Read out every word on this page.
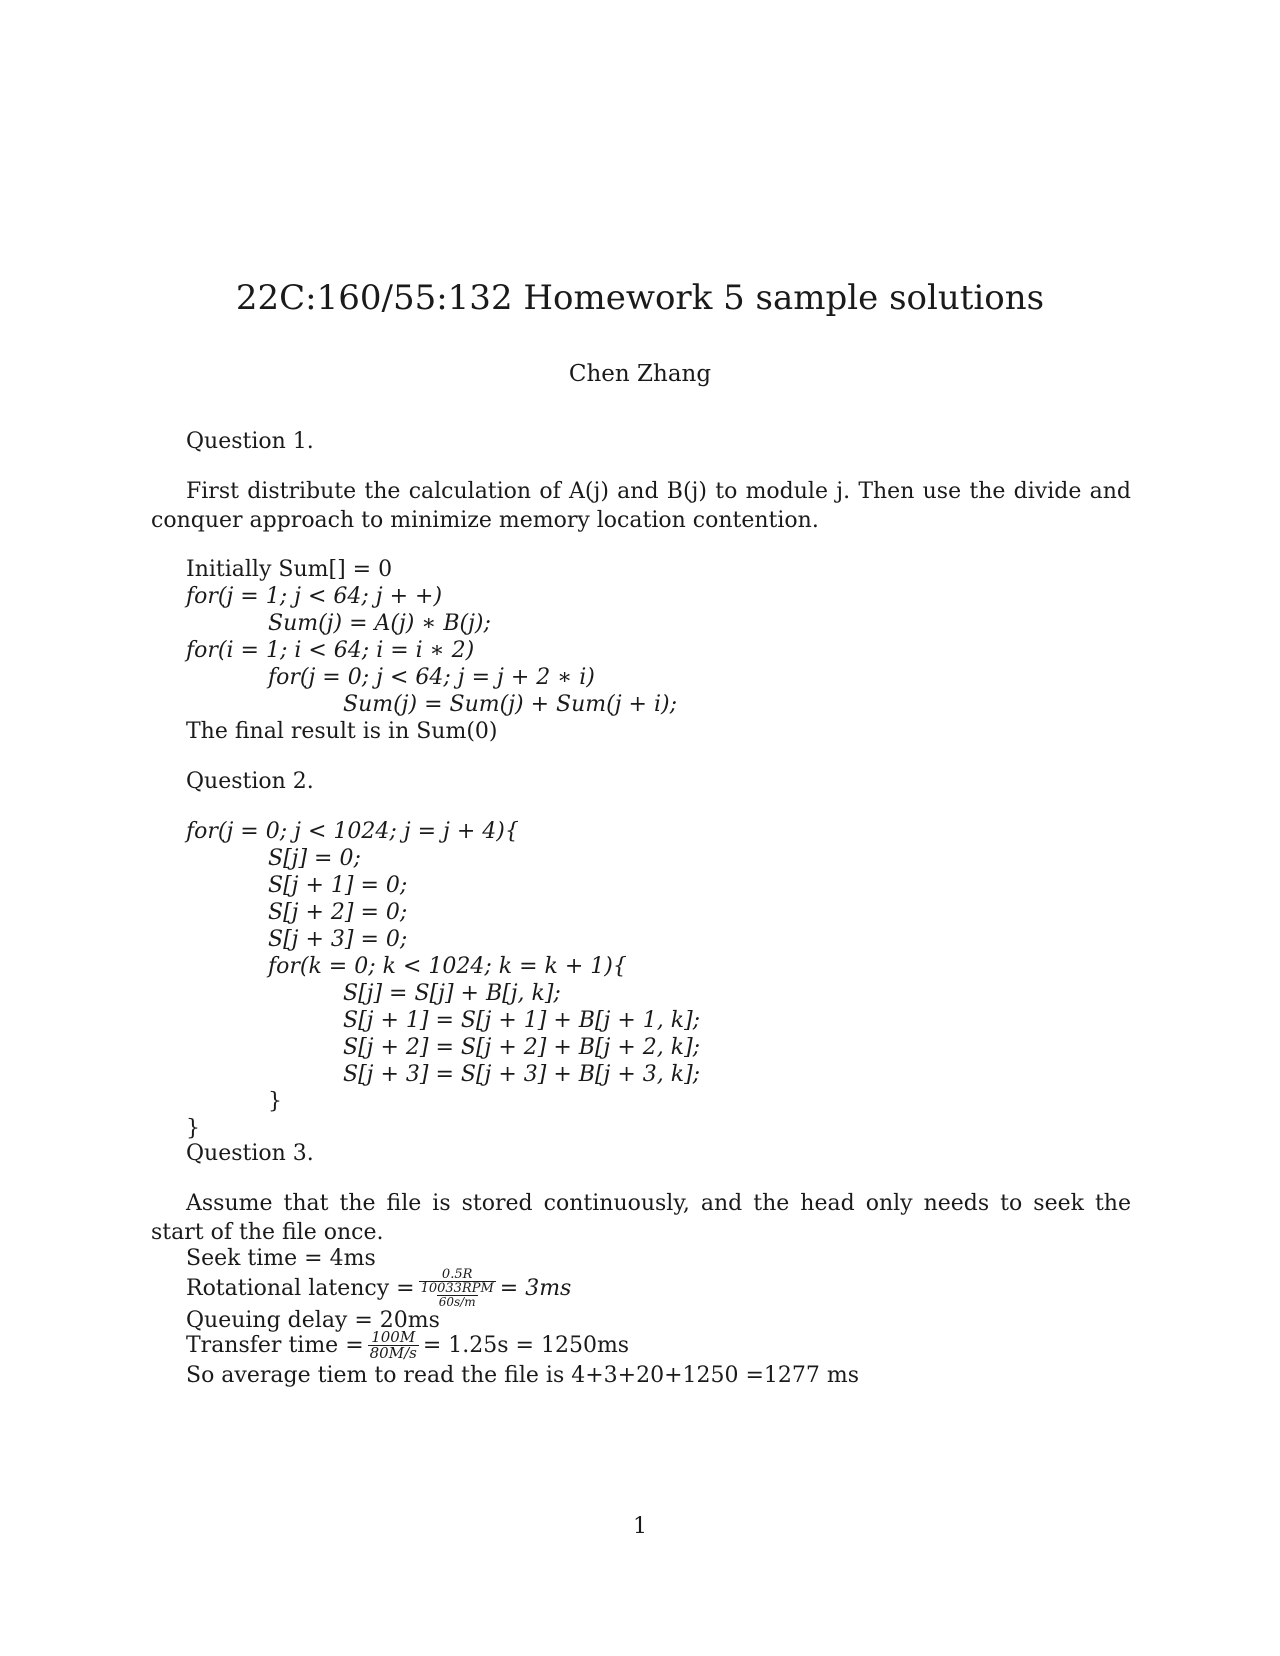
22C:160/55:132 Homework 5 sample solutions
Chen Zhang
Question 1.
First distribute the calculation of A(j) and B(j) to module j. Then use the divide and conquer approach to minimize memory location contention.
Initially Sum[] = 0
for(j = 1; j < 64; j + +)
Sum(j) = A(j) ∗ B(j);
for(i = 1; i < 64; i = i ∗ 2)
for(j = 0; j < 64; j = j + 2 ∗ i)
Sum(j) = Sum(j) + Sum(j + i);
The final result is in Sum(0)
Question 2.
for(j = 0; j < 1024; j = j + 4){
S[j] = 0;
S[j + 1] = 0;
S[j + 2] = 0;
S[j + 3] = 0;
for(k = 0; k < 1024; k = k + 1){
S[j] = S[j] + B[j, k];
S[j + 1] = S[j + 1] + B[j + 1, k];
S[j + 2] = S[j + 2] + B[j + 2, k];
S[j + 3] = S[j + 3] + B[j + 3, k];
}
}
Question 3.
Assume that the file is stored continuously, and the head only needs to seek the start of the file once.
Seek time = 4ms
Rotational latency =
0.5R
10033RPM
60s/m
= 3ms
Queuing delay = 20ms
Transfer time = $\frac{100M}{80M/s} = 1.25s = 1250ms$
So average tiem to read the file is 4+3+20+1250 =1277 ms
1
